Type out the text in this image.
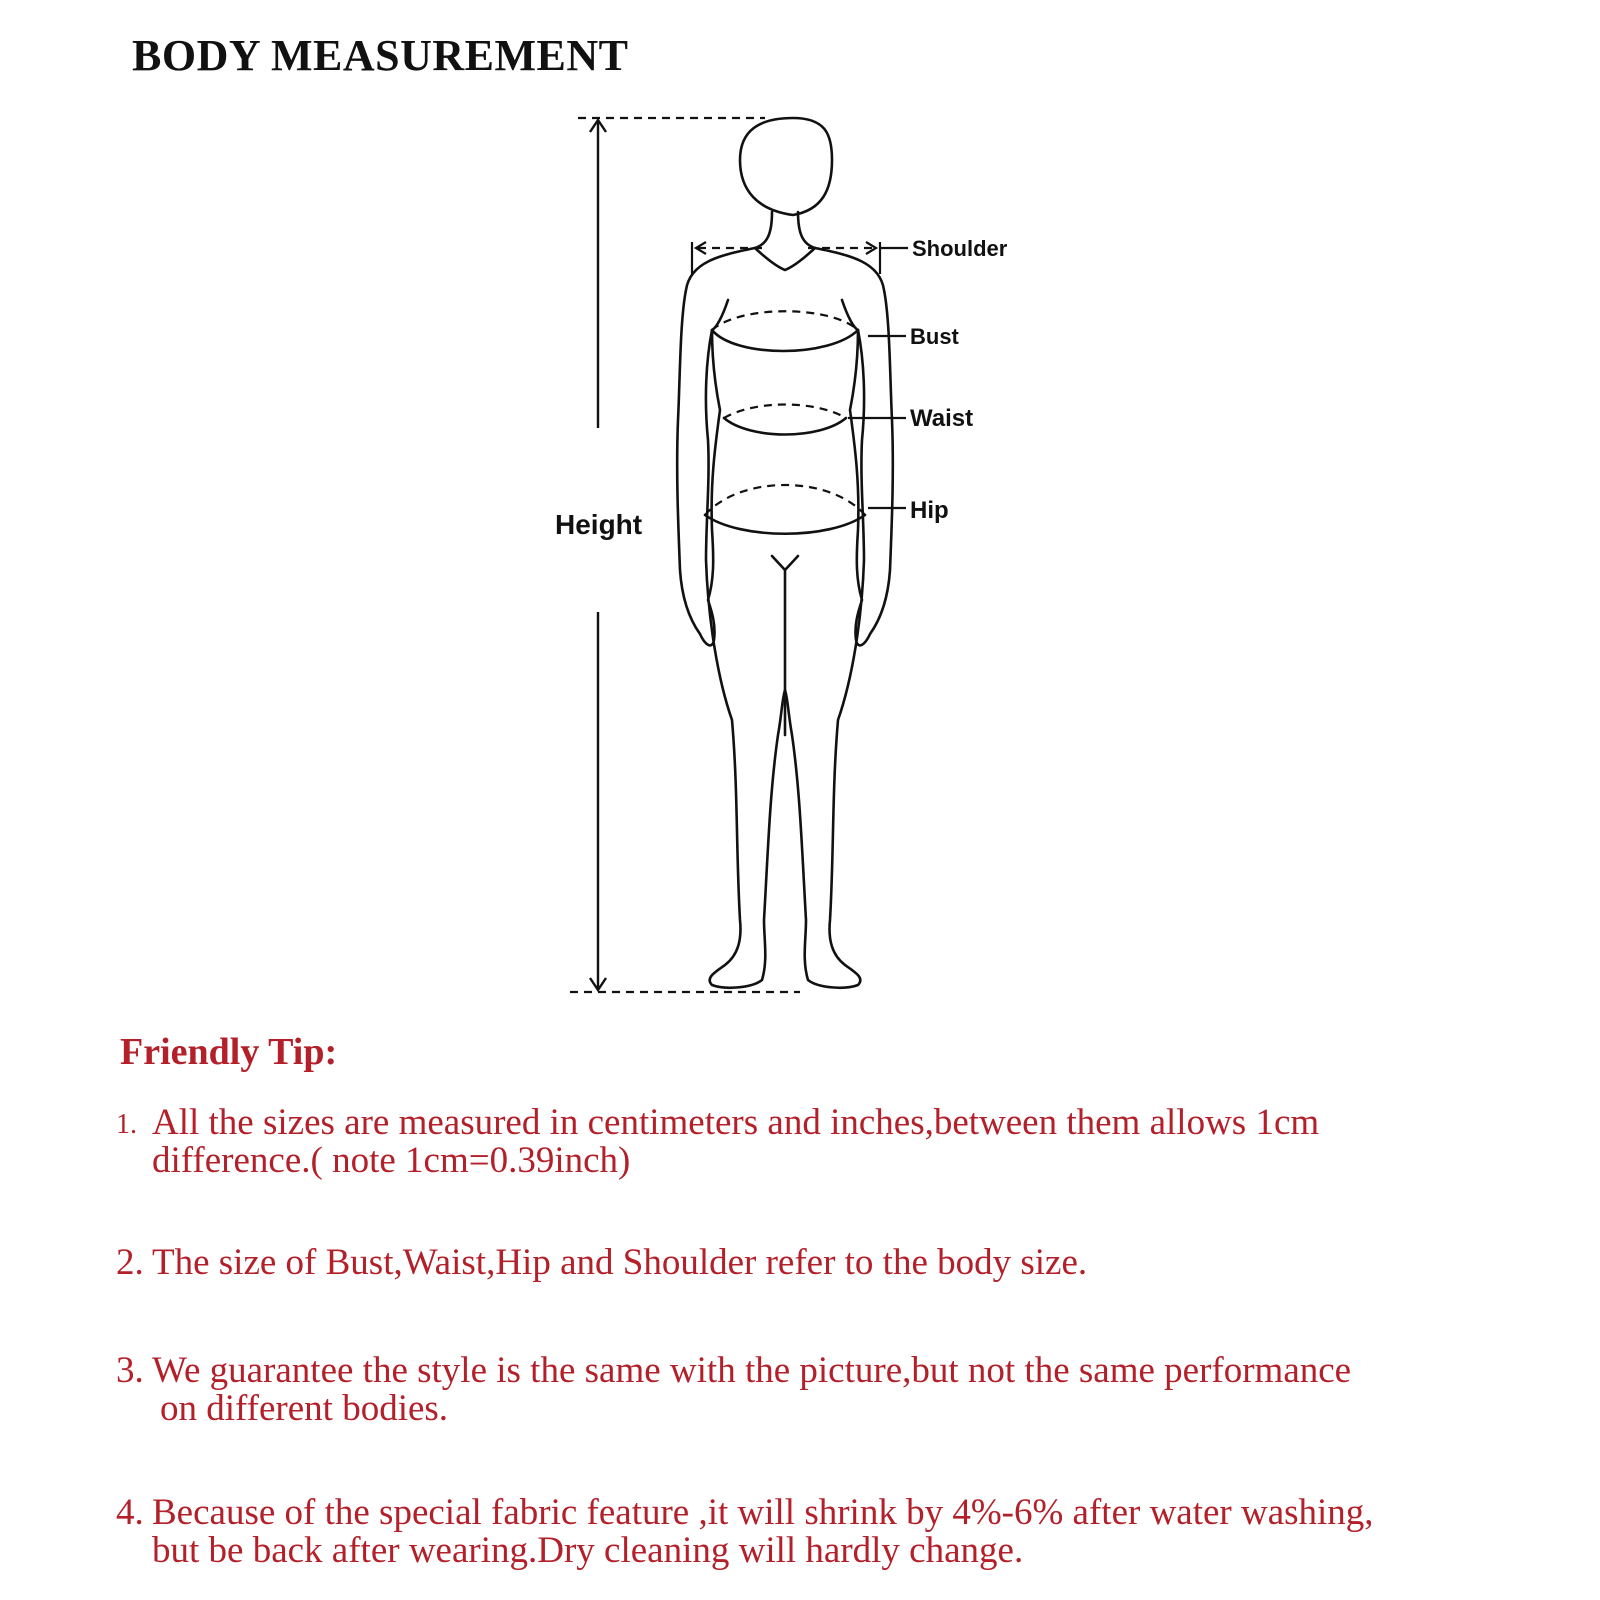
BODY MEASUREMENT
Shoulder
Bust
Waist
Hip
Height
Friendly Tip:
1. All the sizes are measured in centimeters and inches,between them allows 1cm
difference.( note 1cm=0.39inch)
2. The size of Bust,Waist,Hip and Shoulder refer to the body size.
3. We guarantee the style is the same with the picture,but not the same performance
on different bodies.
4. Because of the special fabric feature ,it will shrink by 4%-6% after water washing,
but be back after wearing.Dry cleaning will hardly change.
